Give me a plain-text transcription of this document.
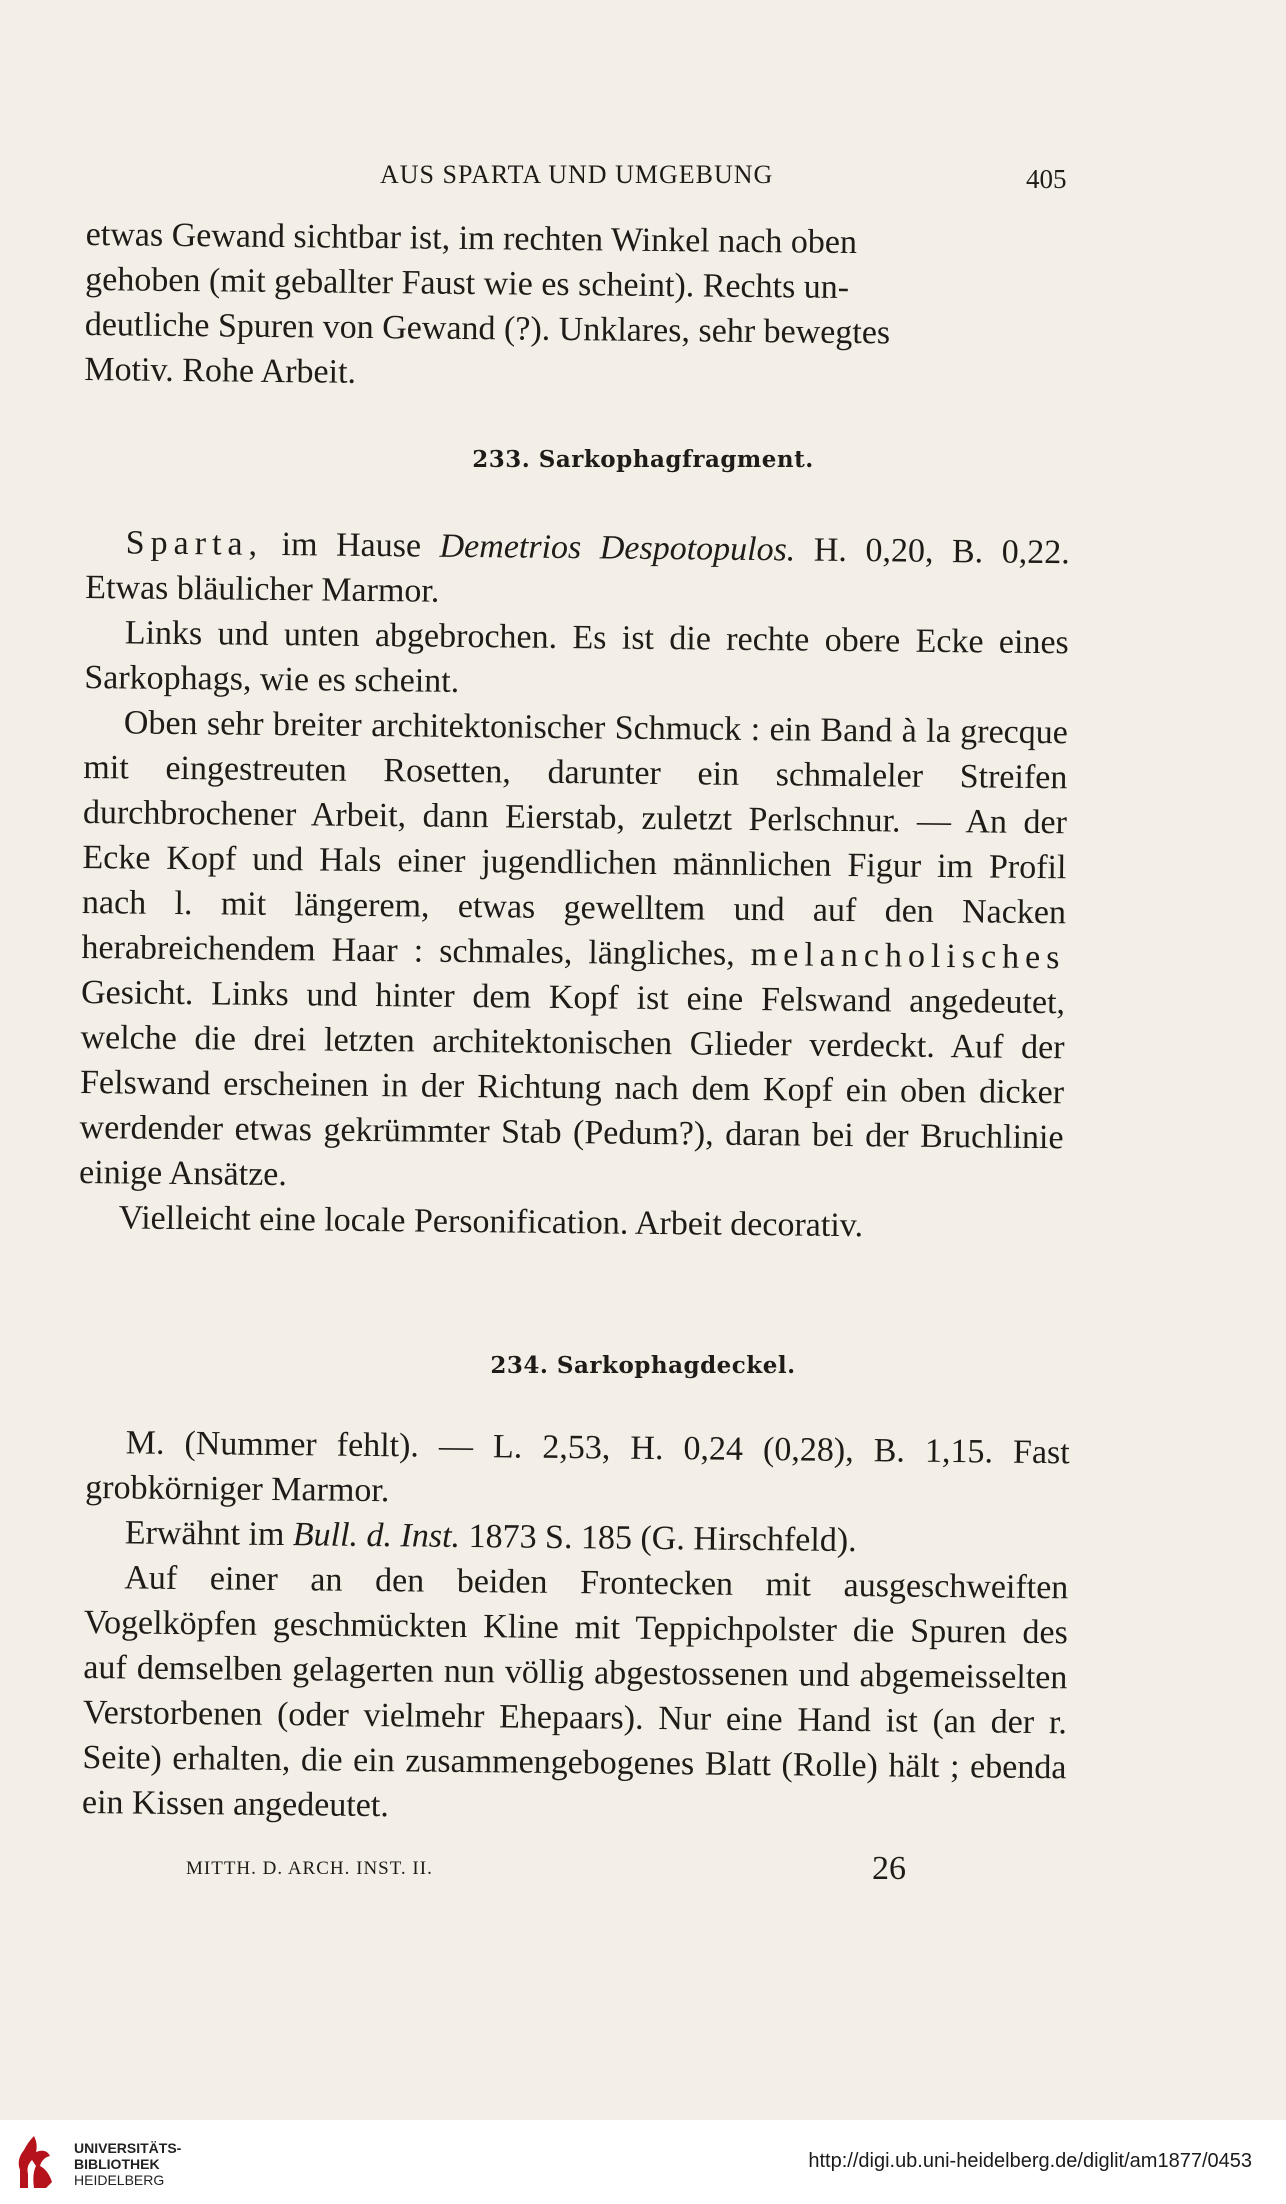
AUS SPARTA UND UMGEBUNG	405

etwas Gewand sichtbar ist, im rechten Winkel nach oben
gehoben (mit geballter Faust wie es scheint). Rechts un-
deutliche Spuren von Gewand (?). Unklares, sehr bewegtes
Motiv. Rohe Arbeit.

233. Sarkophagfragment.

Sparta, im Hause Demetrios Despotopulos. H. 0,20, B. 0,22. Etwas bläulicher Marmor.

Links und unten abgebrochen. Es ist die rechte obere Ecke eines Sarkophags, wie es scheint.

Oben sehr breiter architektonischer Schmuck : ein Band à la grecque mit eingestreuten Rosetten, darunter ein schmaleler Streifen durchbrochener Arbeit, dann Eierstab, zuletzt Perlschnur. — An der Ecke Kopf und Hals einer jugendlichen männlichen Figur im Profil nach l. mit längerem, etwas gewelltem und auf den Nacken herabreichendem Haar : schmales, längliches, melancholisches Gesicht. Links und hinter dem Kopf ist eine Felswand angedeutet, welche die drei letzten architektonischen Glieder verdeckt. Auf der Felswand erscheinen in der Richtung nach dem Kopf ein oben dicker werdender etwas gekrümmter Stab (Pedum?), daran bei der Bruchlinie einige Ansätze.

Vielleicht eine locale Personification. Arbeit decorativ.

234. Sarkophagdeckel.

M. (Nummer fehlt). — L. 2,53, H. 0,24 (0,28), B. 1,15. Fast grobkörniger Marmor.

Erwähnt im Bull. d. Inst. 1873 S. 185 (G. Hirschfeld).

Auf einer an den beiden Frontecken mit ausgeschweiften Vogelköpfen geschmückten Kline mit Teppichpolster die Spuren des auf demselben gelagerten nun völlig abgestossenen und abgemeisselten Verstorbenen (oder vielmehr Ehepaars). Nur eine Hand ist (an der r. Seite) erhalten, die ein zusammengebogenes Blatt (Rolle) hält ; ebenda ein Kissen angedeutet.

MITTH. D. ARCH. INST. II.	26
UNIVERSITÄTS-
BIBLIOTHEK
HEIDELBERG
http://digi.ub.uni-heidelberg.de/diglit/am1877/0453
